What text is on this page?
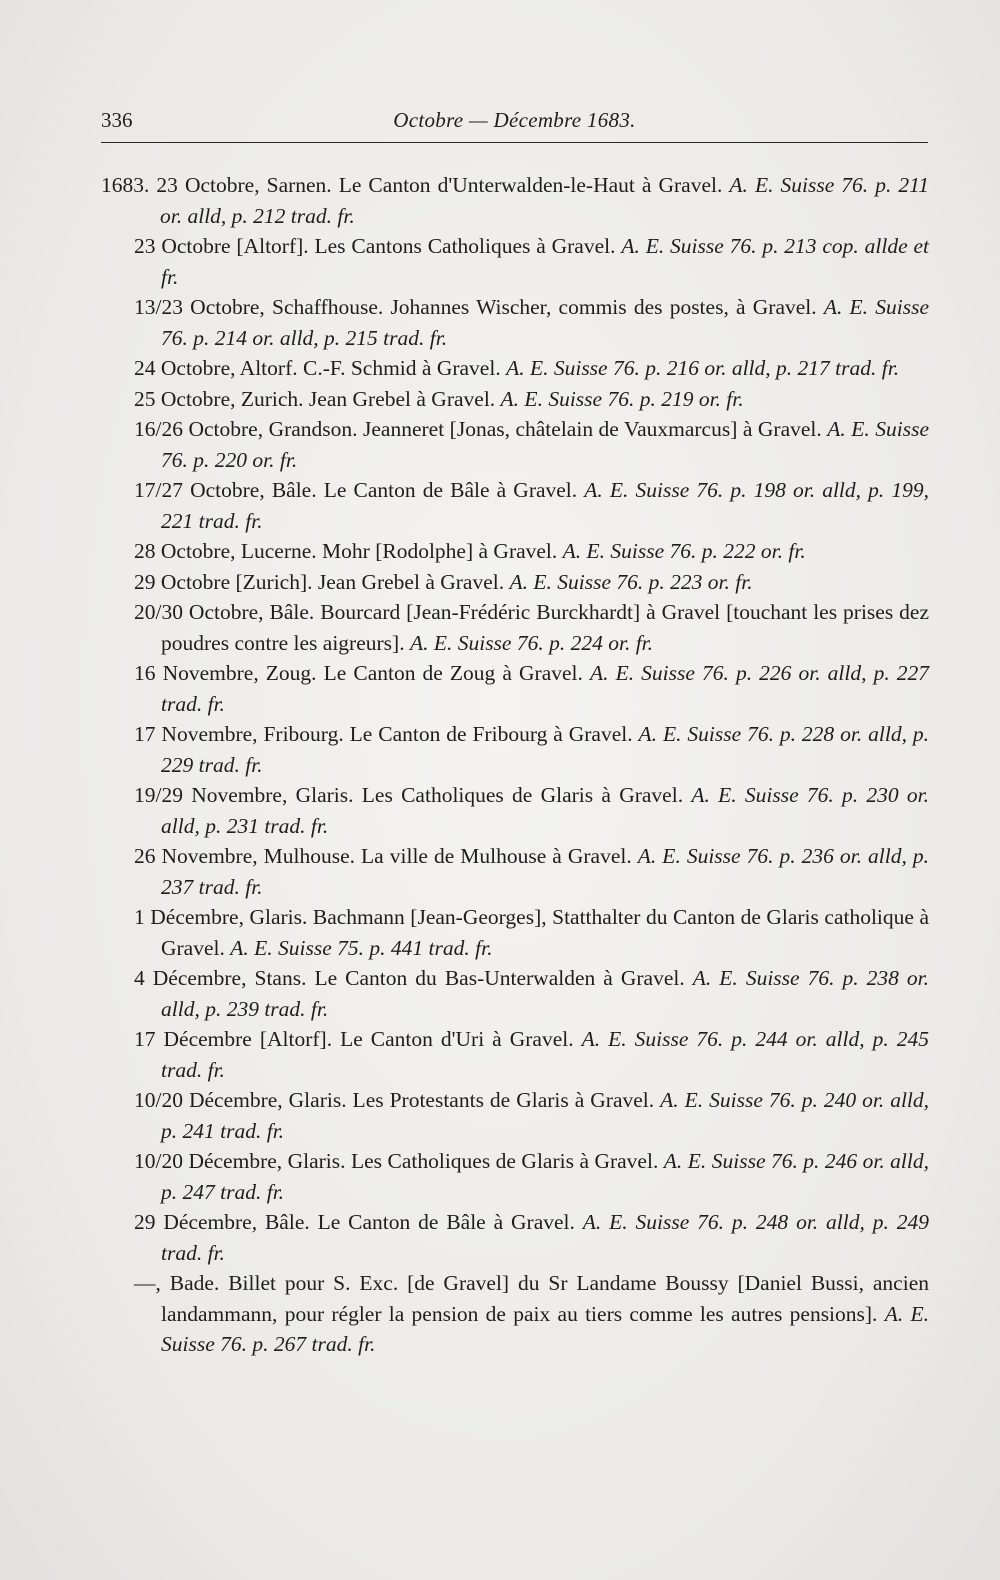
336	Octobre — Décembre 1683.

1683. 23 Octobre, Sarnen. Le Canton d'Unterwalden-le-Haut à Gravel. A. E. Suisse 76. p. 211 or. alld, p. 212 trad. fr.

23 Octobre [Altorf]. Les Cantons Catholiques à Gravel. A. E. Suisse 76. p. 213 cop. allde et fr.

13/23 Octobre, Schaffhouse. Johannes Wischer, commis des postes, à Gravel. A. E. Suisse 76. p. 214 or. alld, p. 215 trad. fr.

24 Octobre, Altorf. C.-F. Schmid à Gravel. A. E. Suisse 76. p. 216 or. alld, p. 217 trad. fr.

25 Octobre, Zurich. Jean Grebel à Gravel. A. E. Suisse 76. p. 219 or. fr.

16/26 Octobre, Grandson. Jeanneret [Jonas, châtelain de Vauxmarcus] à Gravel. A. E. Suisse 76. p. 220 or. fr.

17/27 Octobre, Bâle. Le Canton de Bâle à Gravel. A. E. Suisse 76. p. 198 or. alld, p. 199, 221 trad. fr.

28 Octobre, Lucerne. Mohr [Rodolphe] à Gravel. A. E. Suisse 76. p. 222 or. fr.

29 Octobre [Zurich]. Jean Grebel à Gravel. A. E. Suisse 76. p. 223 or. fr.

20/30 Octobre, Bâle. Bourcard [Jean-Frédéric Burckhardt] à Gravel [touchant les prises dez poudres contre les aigreurs]. A. E. Suisse 76. p. 224 or. fr.

16 Novembre, Zoug. Le Canton de Zoug à Gravel. A. E. Suisse 76. p. 226 or. alld, p. 227 trad. fr.

17 Novembre, Fribourg. Le Canton de Fribourg à Gravel. A. E. Suisse 76. p. 228 or. alld, p. 229 trad. fr.

19/29 Novembre, Glaris. Les Catholiques de Glaris à Gravel. A. E. Suisse 76. p. 230 or. alld, p. 231 trad. fr.

26 Novembre, Mulhouse. La ville de Mulhouse à Gravel. A. E. Suisse 76. p. 236 or. alld, p. 237 trad. fr.

1 Décembre, Glaris. Bachmann [Jean-Georges], Statthalter du Canton de Glaris catholique à Gravel. A. E. Suisse 75. p. 441 trad. fr.

4 Décembre, Stans. Le Canton du Bas-Unterwalden à Gravel. A. E. Suisse 76. p. 238 or. alld, p. 239 trad. fr.

17 Décembre [Altorf]. Le Canton d'Uri à Gravel. A. E. Suisse 76. p. 244 or. alld, p. 245 trad. fr.

10/20 Décembre, Glaris. Les Protestants de Glaris à Gravel. A. E. Suisse 76. p. 240 or. alld, p. 241 trad. fr.

10/20 Décembre, Glaris. Les Catholiques de Glaris à Gravel. A. E. Suisse 76. p. 246 or. alld, p. 247 trad. fr.

29 Décembre, Bâle. Le Canton de Bâle à Gravel. A. E. Suisse 76. p. 248 or. alld, p. 249 trad. fr.

—, Bade. Billet pour S. Exc. [de Gravel] du Sr Landame Boussy [Daniel Bussi, ancien landammann, pour régler la pension de paix au tiers comme les autres pensions]. A. E. Suisse 76. p. 267 trad. fr.
